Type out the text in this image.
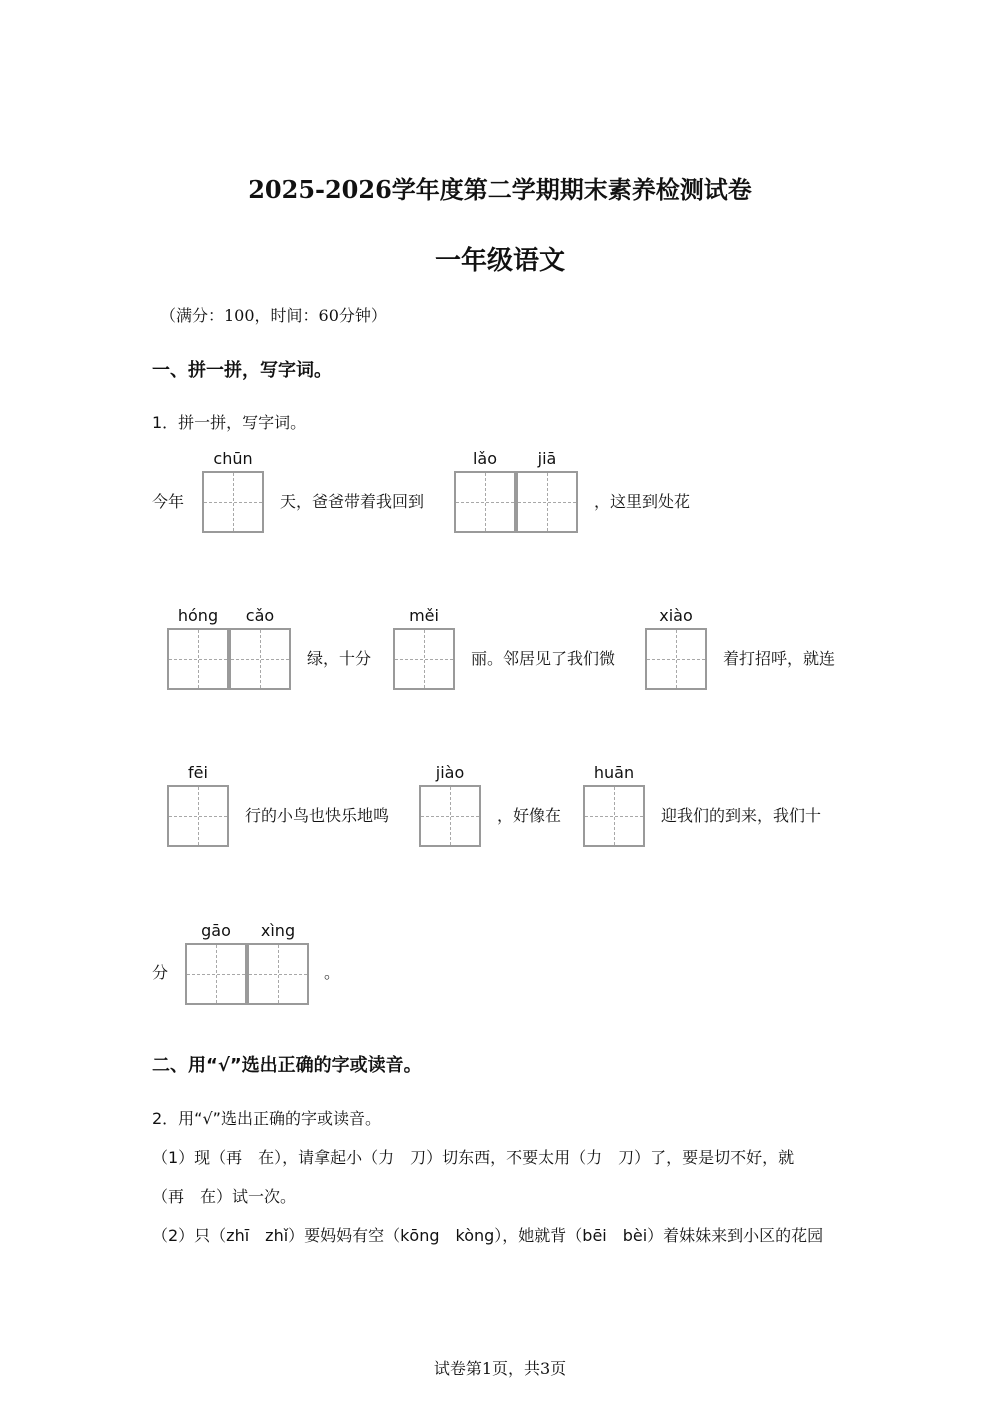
2025-2026学年度第二学期期末素养检测试卷
一年级语文
（满分：100，时间：60分钟）
一、拼一拼，写字词。
1．拼一拼，写字词。
今年
chūn
天，爸爸带着我回到
lǎo	jiā
，这里到处花
hóng	cǎo
绿，十分
měi
丽。邻居见了我们微
xiào
着打招呼，就连
fēi
行的小鸟也快乐地鸣
jiào
，好像在
huān
迎我们的到来，我们十
分
gāo	xìng
。
二、用“√”选出正确的字或读音。
2．用“√”选出正确的字或读音。
（1）现（再　在），请拿起小（力　刀）切东西，不要太用（力　刀）了，要是切不好，就
（再　在）试一次。
（2）只（zhī　zhǐ）要妈妈有空（kōng　kòng），她就背（bēi　bèi）着妹妹来到小区的花园
试卷第1页，共3页
